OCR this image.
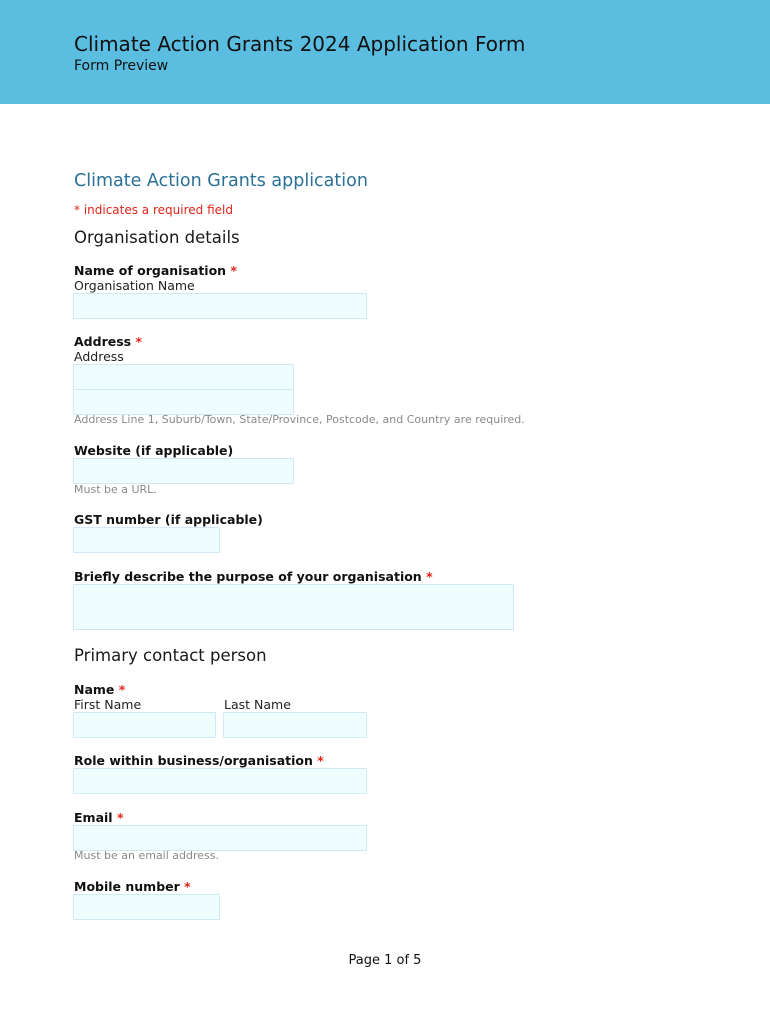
Climate Action Grants 2024 Application Form
Form Preview
Climate Action Grants application
* indicates a required field
Organisation details
Name of organisation *
Organisation Name
Address *
Address
Address Line 1, Suburb/Town, State/Province, Postcode, and Country are required.
Website (if applicable)
Must be a URL.
GST number (if applicable)
Briefly describe the purpose of your organisation *
Primary contact person
Name *
First Name	Last Name
Role within business/organisation *
Email *
Must be an email address.
Mobile number *
Page 1 of 5
